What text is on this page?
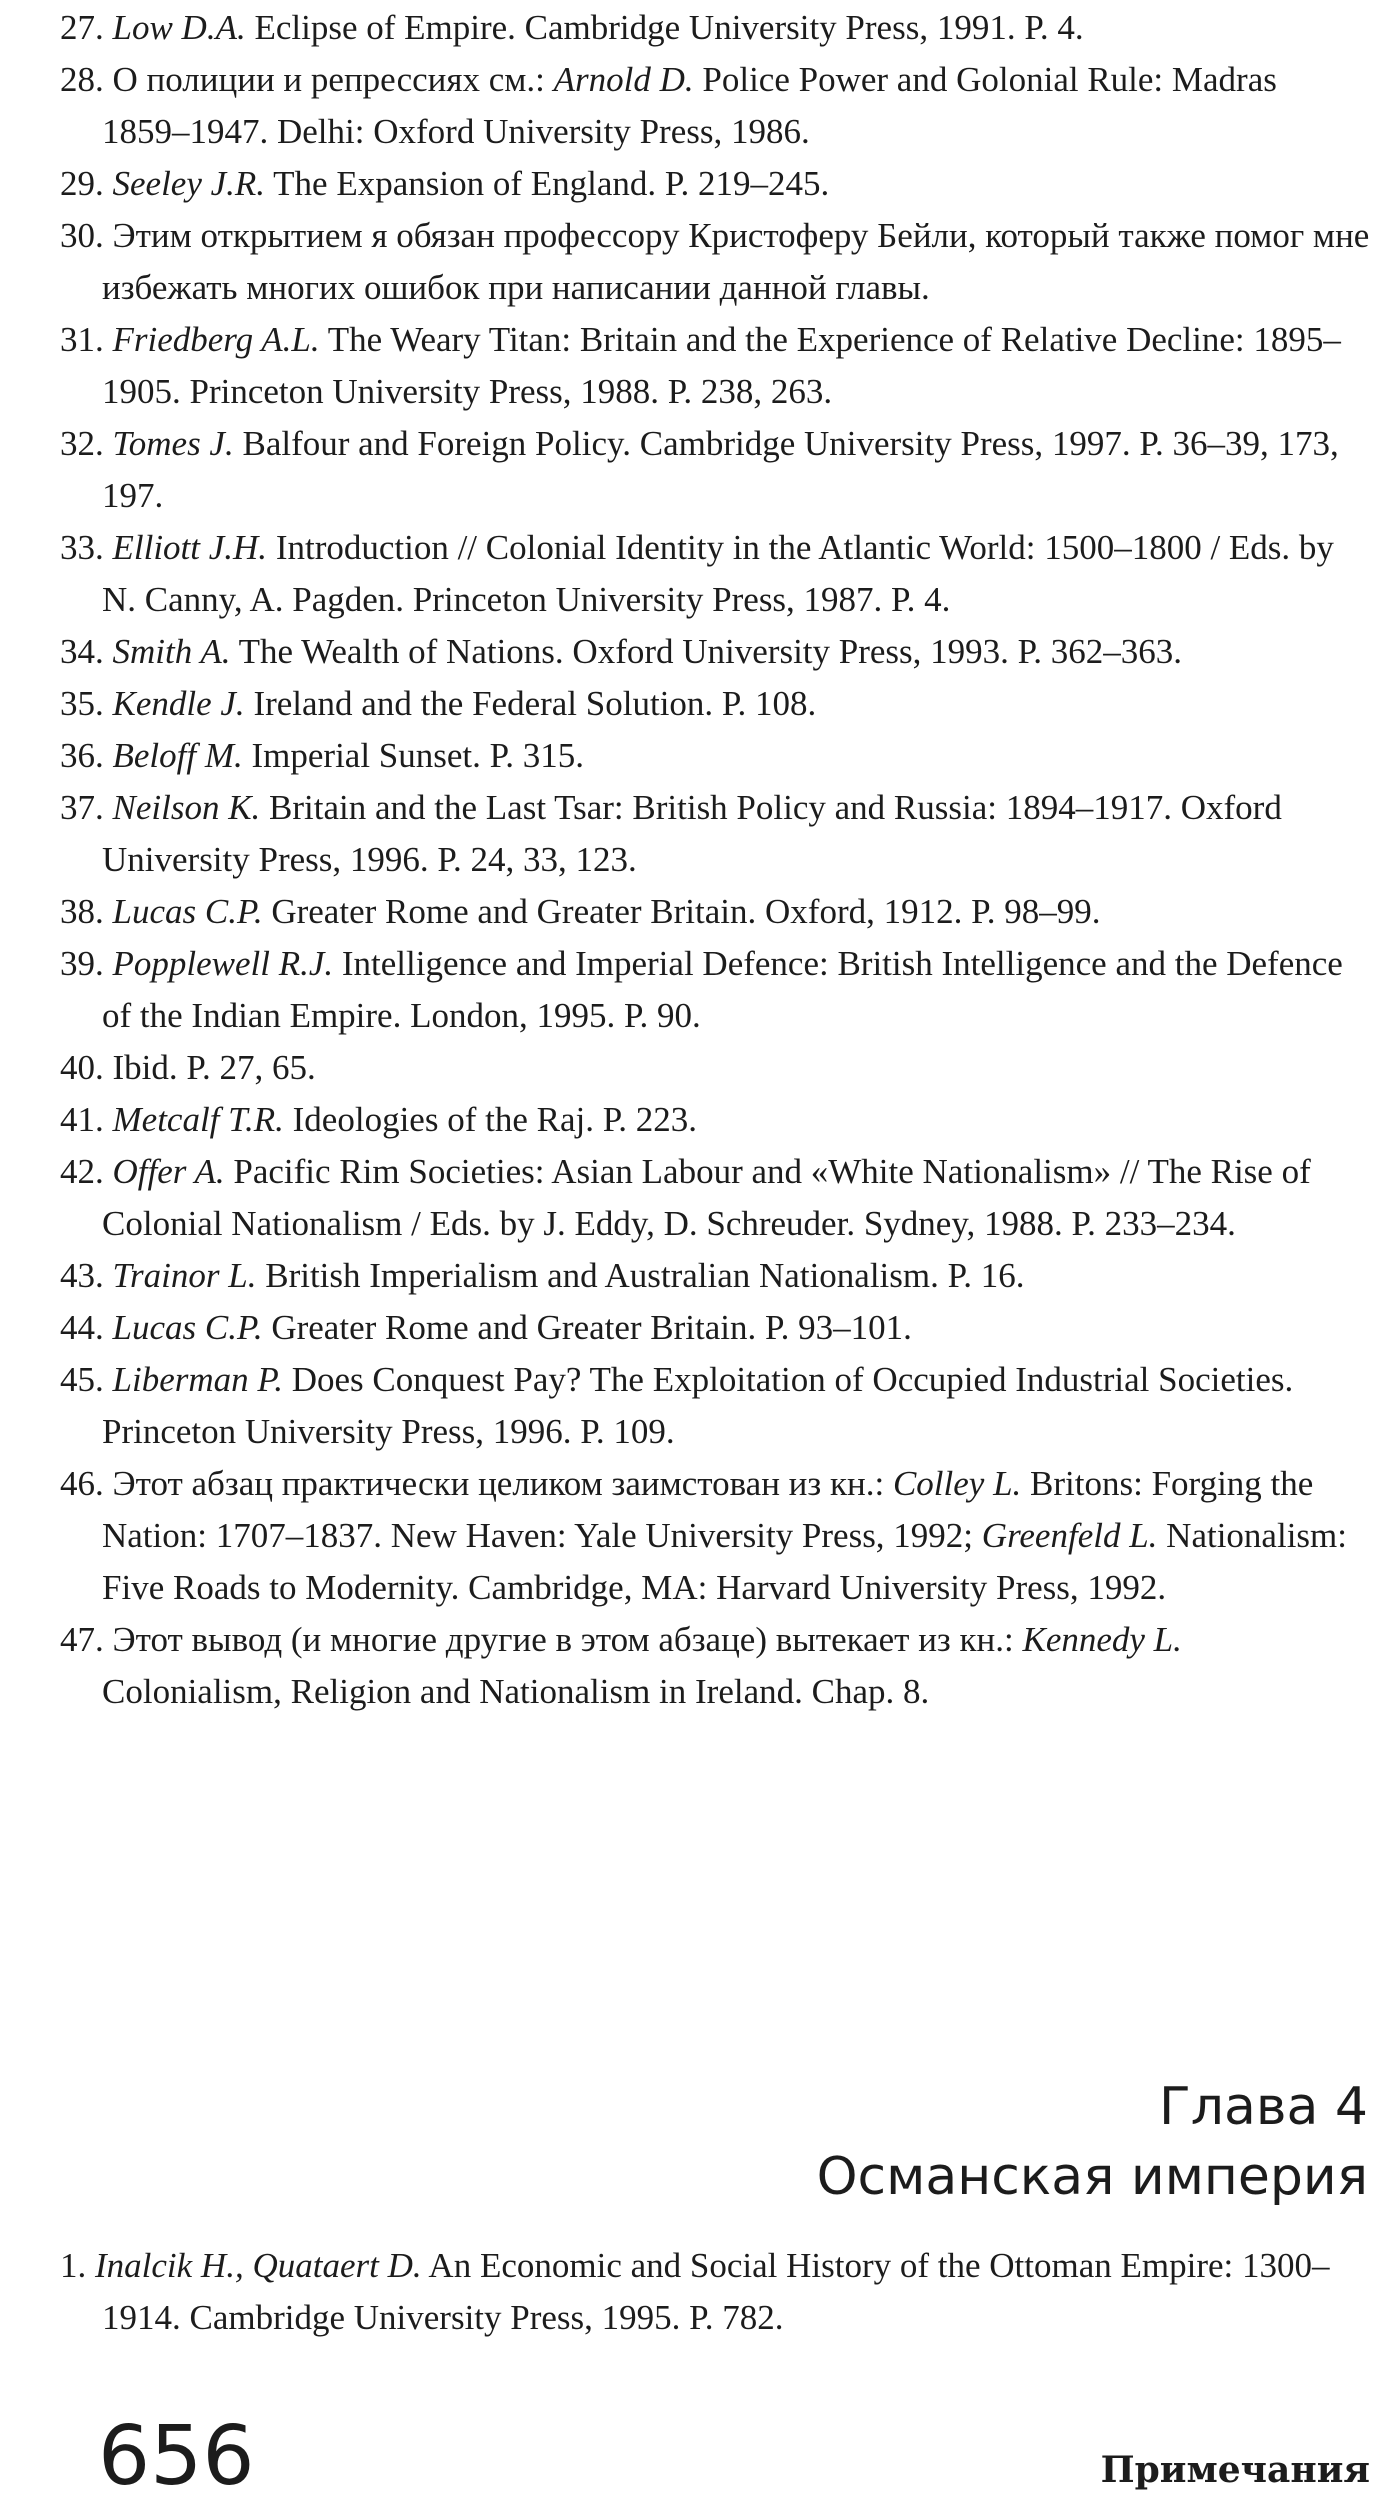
27. Low D.A. Eclipse of Empire. Cambridge University Press, 1991. P. 4.
28. О полиции и репрессиях см.: Arnold D. Police Power and Golonial Rule: Madras 1859–1947. Delhi: Oxford University Press, 1986.
29. Seeley J.R. The Expansion of England. P. 219–245.
30. Этим открытием я обязан профессору Кристоферу Бейли, который также помог мне избежать многих ошибок при написании данной главы.
31. Friedberg A.L. The Weary Titan: Britain and the Experience of Relative Decline: 1895–1905. Princeton University Press, 1988. P. 238, 263.
32. Tomes J. Balfour and Foreign Policy. Cambridge University Press, 1997. P. 36–39, 173, 197.
33. Elliott J.H. Introduction // Colonial Identity in the Atlantic World: 1500–1800 / Eds. by N. Canny, A. Pagden. Princeton University Press, 1987. P. 4.
34. Smith A. The Wealth of Nations. Oxford University Press, 1993. P. 362–363.
35. Kendle J. Ireland and the Federal Solution. P. 108.
36. Beloff M. Imperial Sunset. P. 315.
37. Neilson K. Britain and the Last Tsar: British Policy and Russia: 1894–1917. Oxford University Press, 1996. P. 24, 33, 123.
38. Lucas C.P. Greater Rome and Greater Britain. Oxford, 1912. P. 98–99.
39. Popplewell R.J. Intelligence and Imperial Defence: British Intelligence and the Defence of the Indian Empire. London, 1995. P. 90.
40. Ibid. P. 27, 65.
41. Metcalf T.R. Ideologies of the Raj. P. 223.
42. Offer A. Pacific Rim Societies: Asian Labour and «White Nationalism» // The Rise of Colonial Nationalism / Eds. by J. Eddy, D. Schreuder. Sydney, 1988. P. 233–234.
43. Trainor L. British Imperialism and Australian Nationalism. P. 16.
44. Lucas C.P. Greater Rome and Greater Britain. P. 93–101.
45. Liberman P. Does Conquest Pay? The Exploitation of Occupied Industrial Societies. Princeton University Press, 1996. P. 109.
46. Этот абзац практически целиком заимстован из кн.: Colley L. Britons: Forging the Nation: 1707–1837. New Haven: Yale University Press, 1992; Greenfeld L. Nationalism: Five Roads to Modernity. Cambridge, MA: Harvard University Press, 1992.
47. Этот вывод (и многие другие в этом абзаце) вытекает из кн.: Kennedy L. Colonialism, Religion and Nationalism in Ireland. Chap. 8.
Глава 4
Османская империя
1. Inalcik H., Quataert D. An Economic and Social History of the Ottoman Empire: 1300–1914. Cambridge University Press, 1995. P. 782.
656	Примечания
